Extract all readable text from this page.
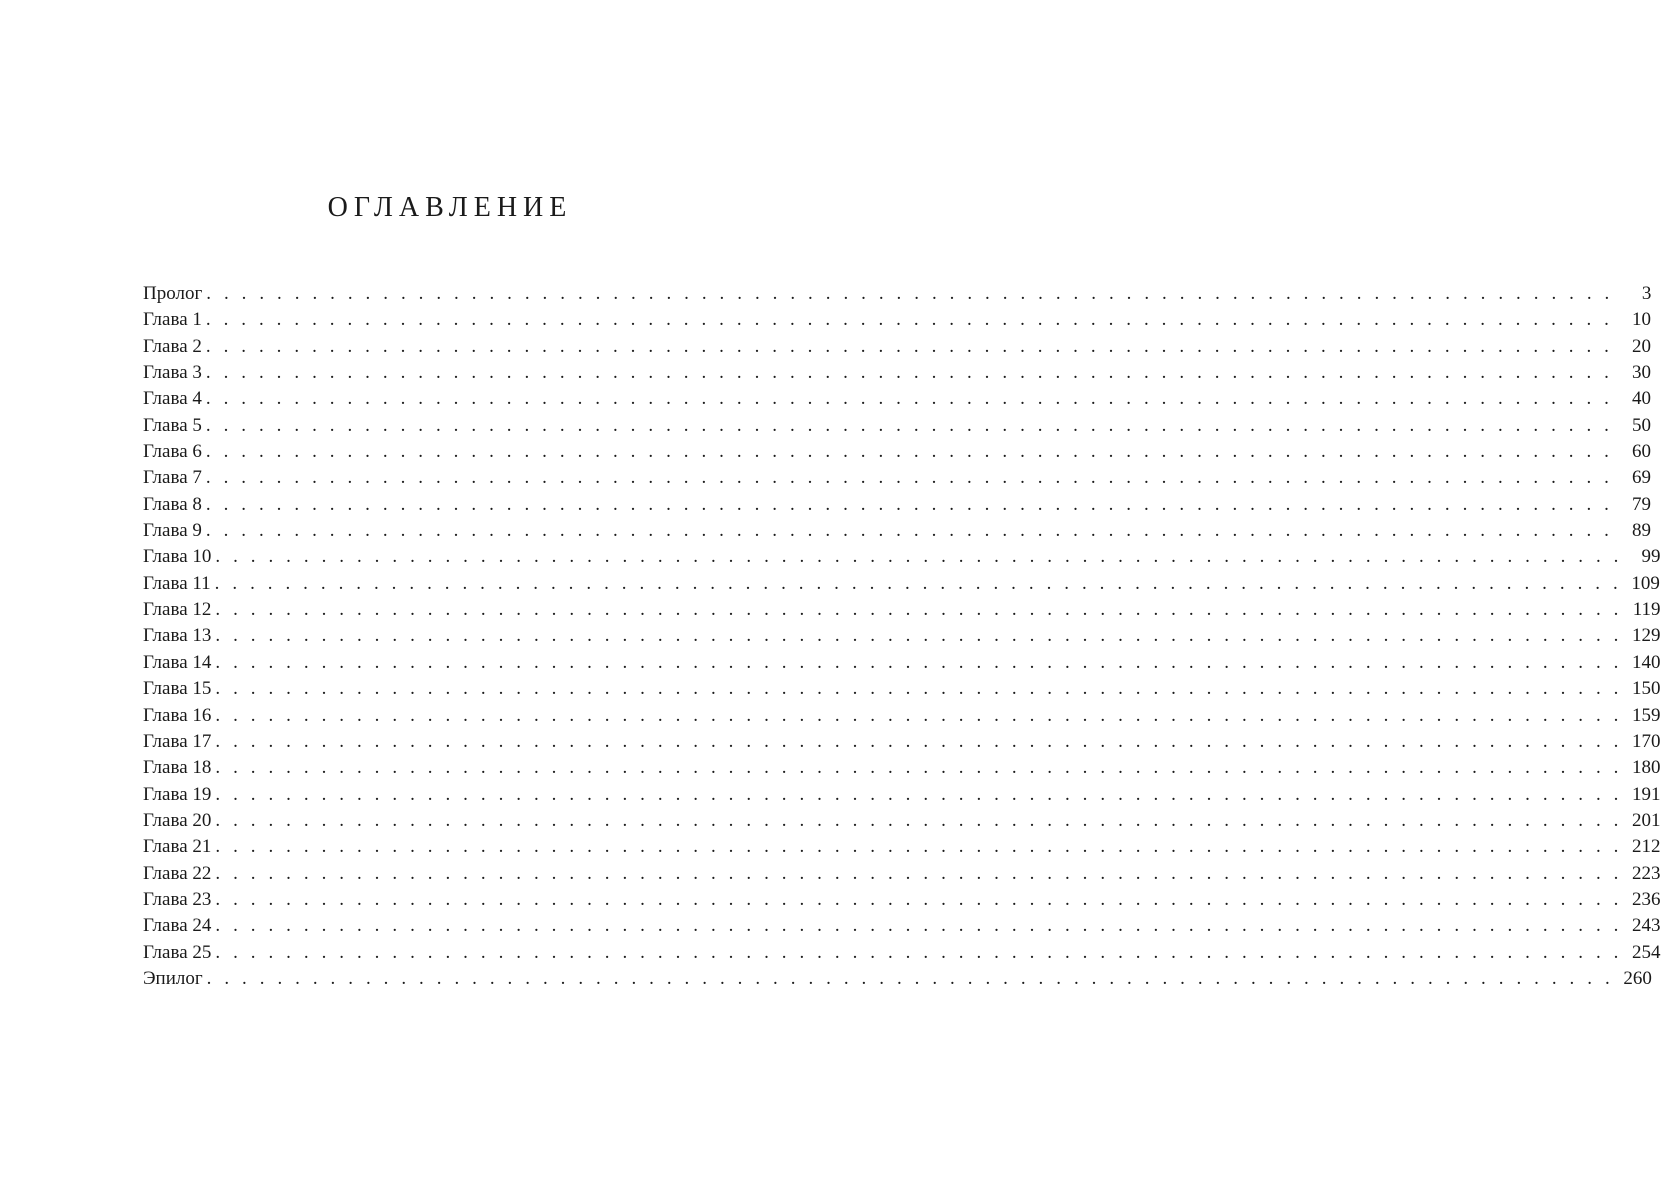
ОГЛАВЛЕНИЕ
Пролог . . . . . . . . . . . . . . . . . . . . . . . . . . . . . . . . . . . . . . . . . . . . . . . . . . . . . . . . . . . . . . . . . . . . . . . . . . . . . . . .	3
Глава 1 . . . . . . . . . . . . . . . . . . . . . . . . . . . . . . . . . . . . . . . . . . . . . . . . . . . . . . . . . . . . . . . . . . . . . . . . . . . . . . . .	10
Глава 2 . . . . . . . . . . . . . . . . . . . . . . . . . . . . . . . . . . . . . . . . . . . . . . . . . . . . . . . . . . . . . . . . . . . . . . . . . . . . . . . .	20
Глава 3 . . . . . . . . . . . . . . . . . . . . . . . . . . . . . . . . . . . . . . . . . . . . . . . . . . . . . . . . . . . . . . . . . . . . . . . . . . . . . . . .	30
Глава 4 . . . . . . . . . . . . . . . . . . . . . . . . . . . . . . . . . . . . . . . . . . . . . . . . . . . . . . . . . . . . . . . . . . . . . . . . . . . . . . . .	40
Глава 5 . . . . . . . . . . . . . . . . . . . . . . . . . . . . . . . . . . . . . . . . . . . . . . . . . . . . . . . . . . . . . . . . . . . . . . . . . . . . . . . .	50
Глава 6 . . . . . . . . . . . . . . . . . . . . . . . . . . . . . . . . . . . . . . . . . . . . . . . . . . . . . . . . . . . . . . . . . . . . . . . . . . . . . . . .	60
Глава 7 . . . . . . . . . . . . . . . . . . . . . . . . . . . . . . . . . . . . . . . . . . . . . . . . . . . . . . . . . . . . . . . . . . . . . . . . . . . . . . . .	69
Глава 8 . . . . . . . . . . . . . . . . . . . . . . . . . . . . . . . . . . . . . . . . . . . . . . . . . . . . . . . . . . . . . . . . . . . . . . . . . . . . . . . .	79
Глава 9 . . . . . . . . . . . . . . . . . . . . . . . . . . . . . . . . . . . . . . . . . . . . . . . . . . . . . . . . . . . . . . . . . . . . . . . . . . . . . . . .	89
Глава 10 . . . . . . . . . . . . . . . . . . . . . . . . . . . . . . . . . . . . . . . . . . . . . . . . . . . . . . . . . . . . . . . . . . . . . . . . . . . . . . . .	99
Глава 11 . . . . . . . . . . . . . . . . . . . . . . . . . . . . . . . . . . . . . . . . . . . . . . . . . . . . . . . . . . . . . . . . . . . . . . . . . . . . . . . . 109
Глава 12 . . . . . . . . . . . . . . . . . . . . . . . . . . . . . . . . . . . . . . . . . . . . . . . . . . . . . . . . . . . . . . . . . . . . . . . . . . . . . . . . 119
Глава 13 . . . . . . . . . . . . . . . . . . . . . . . . . . . . . . . . . . . . . . . . . . . . . . . . . . . . . . . . . . . . . . . . . . . . . . . . . . . . . . . . 129
Глава 14 . . . . . . . . . . . . . . . . . . . . . . . . . . . . . . . . . . . . . . . . . . . . . . . . . . . . . . . . . . . . . . . . . . . . . . . . . . . . . . . . 140
Глава 15 . . . . . . . . . . . . . . . . . . . . . . . . . . . . . . . . . . . . . . . . . . . . . . . . . . . . . . . . . . . . . . . . . . . . . . . . . . . . . . . . 150
Глава 16 . . . . . . . . . . . . . . . . . . . . . . . . . . . . . . . . . . . . . . . . . . . . . . . . . . . . . . . . . . . . . . . . . . . . . . . . . . . . . . . . 159
Глава 17 . . . . . . . . . . . . . . . . . . . . . . . . . . . . . . . . . . . . . . . . . . . . . . . . . . . . . . . . . . . . . . . . . . . . . . . . . . . . . . . . 170
Глава 18 . . . . . . . . . . . . . . . . . . . . . . . . . . . . . . . . . . . . . . . . . . . . . . . . . . . . . . . . . . . . . . . . . . . . . . . . . . . . . . . . 180
Глава 19 . . . . . . . . . . . . . . . . . . . . . . . . . . . . . . . . . . . . . . . . . . . . . . . . . . . . . . . . . . . . . . . . . . . . . . . . . . . . . . . . 191
Глава 20 . . . . . . . . . . . . . . . . . . . . . . . . . . . . . . . . . . . . . . . . . . . . . . . . . . . . . . . . . . . . . . . . . . . . . . . . . . . . . . . . 201
Глава 21 . . . . . . . . . . . . . . . . . . . . . . . . . . . . . . . . . . . . . . . . . . . . . . . . . . . . . . . . . . . . . . . . . . . . . . . . . . . . . . . . 212
Глава 22 . . . . . . . . . . . . . . . . . . . . . . . . . . . . . . . . . . . . . . . . . . . . . . . . . . . . . . . . . . . . . . . . . . . . . . . . . . . . . . . . 223
Глава 23 . . . . . . . . . . . . . . . . . . . . . . . . . . . . . . . . . . . . . . . . . . . . . . . . . . . . . . . . . . . . . . . . . . . . . . . . . . . . . . . . 236
Глава 24 . . . . . . . . . . . . . . . . . . . . . . . . . . . . . . . . . . . . . . . . . . . . . . . . . . . . . . . . . . . . . . . . . . . . . . . . . . . . . . . . 243
Глава 25 . . . . . . . . . . . . . . . . . . . . . . . . . . . . . . . . . . . . . . . . . . . . . . . . . . . . . . . . . . . . . . . . . . . . . . . . . . . . . . . . 254
Эпилог . . . . . . . . . . . . . . . . . . . . . . . . . . . . . . . . . . . . . . . . . . . . . . . . . . . . . . . . . . . . . . . . . . . . . . . . . . . . . . . . 260
